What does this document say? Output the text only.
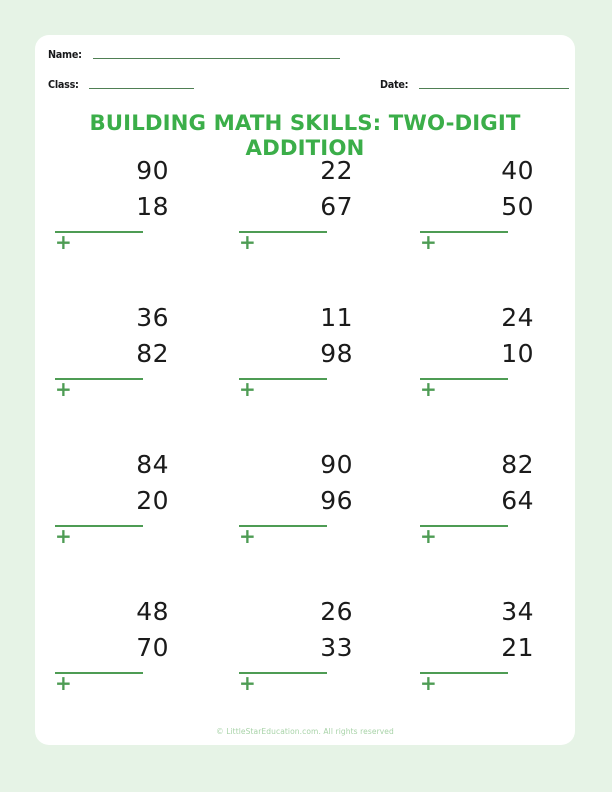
Name:
Class:	Date:
BUILDING MATH SKILLS: TWO-DIGIT ADDITION
90
18
+
22
67
+
40
50
+
36
82
+
11
98
+
24
10
+
84
20
+
90
96
+
82
64
+
48
70
+
26
33
+
34
21
+
© LittleStarEducation.com. All rights reserved
